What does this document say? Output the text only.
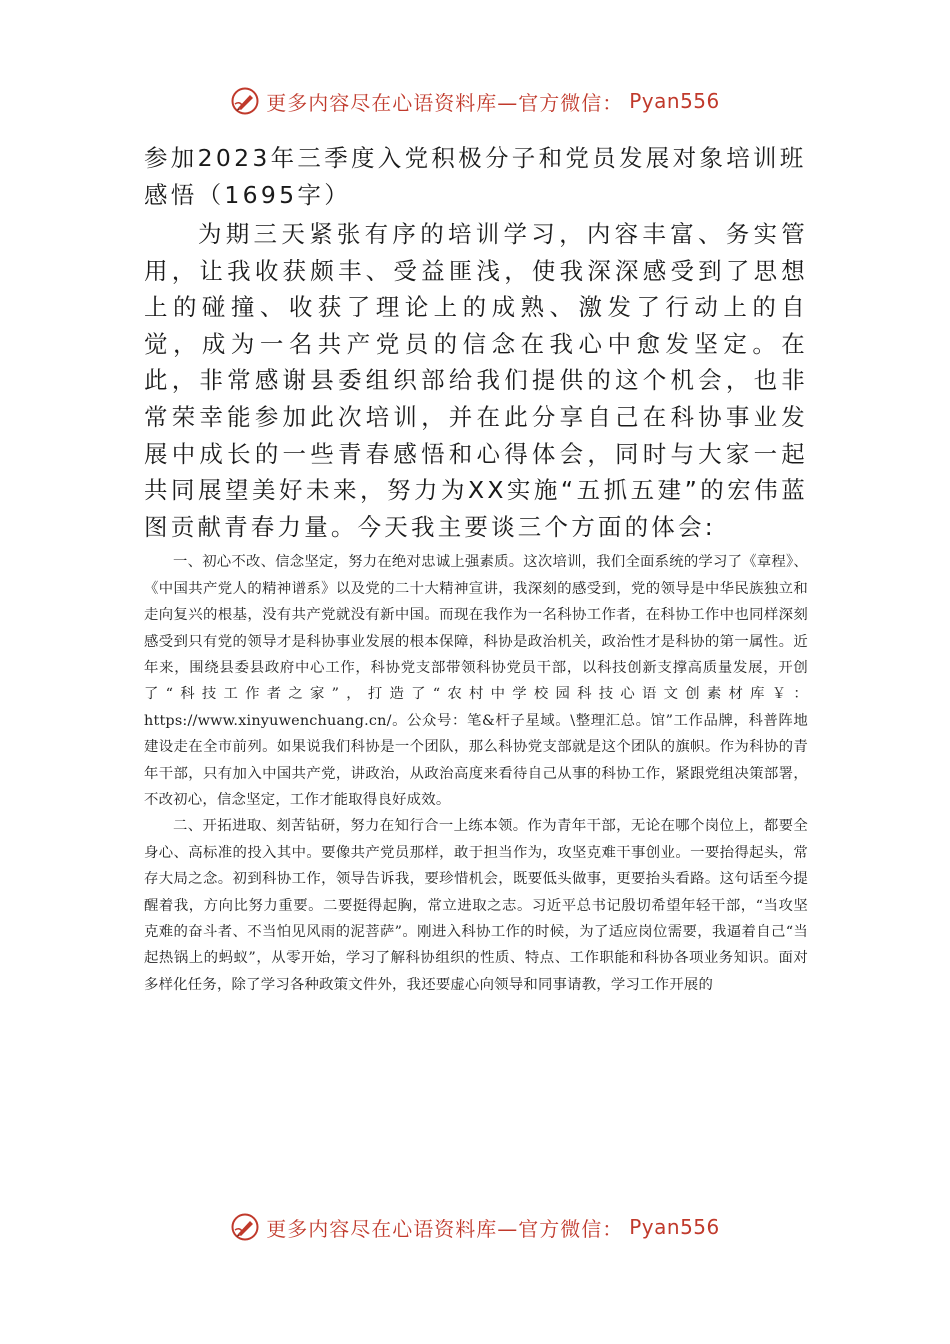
更多内容尽在心语资料库—官方微信： Pyan556
参加2023年三季度入党积极分子和党员发展对象培训班感悟（1695字）

为期三天紧张有序的培训学习，内容丰富、务实管用，让我收获颇丰、受益匪浅，使我深深感受到了思想上的碰撞、收获了理论上的成熟、激发了行动上的自觉，成为一名共产党员的信念在我心中愈发坚定。在此，非常感谢县委组织部给我们提供的这个机会，也非常荣幸能参加此次培训，并在此分享自己在科协事业发展中成长的一些青春感悟和心得体会，同时与大家一起共同展望美好未来，努力为XX实施“五抓五建”的宏伟蓝图贡献青春力量。今天我主要谈三个方面的体会:

一、初心不改、信念坚定，努力在绝对忠诚上强素质。这次培训，我们全面系统的学习了《章程》、《中国共产党人的精神谱系》以及党的二十大精神宣讲，我深刻的感受到，党的领导是中华民族独立和走向复兴的根基，没有共产党就没有新中国。而现在我作为一名科协工作者，在科协工作中也同样深刻感受到只有党的领导才是科协事业发展的根本保障，科协是政治机关，政治性才是科协的第一属性。近年来，围绕县委县政府中心工作，科协党支部带领科协党员干部，以科技创新支撑高质量发展，开创了“科技工作者之家”，打造了“农村中学校园科技心语文创素材库￥：https://www.xinyuwenchuang.cn/。公众号：笔&杆子星域。\整理汇总。馆”工作品牌，科普阵地建设走在全市前列。如果说我们科协是一个团队，那么科协党支部就是这个团队的旗帜。作为科协的青年干部，只有加入中国共产党，讲政治，从政治高度来看待自己从事的科协工作，紧跟党组决策部署，不改初心，信念坚定，工作才能取得良好成效。

二、开拓进取、刻苦钻研，努力在知行合一上练本领。作为青年干部，无论在哪个岗位上，都要全身心、高标准的投入其中。要像共产党员那样，敢于担当作为，攻坚克难干事创业。一要抬得起头，常存大局之念。初到科协工作，领导告诉我，要珍惜机会，既要低头做事，更要抬头看路。这句话至今提醒着我，方向比努力重要。二要挺得起胸，常立进取之志。习近平总书记殷切希望年轻干部，“当攻坚克难的奋斗者、不当怕见风雨的泥菩萨”。刚进入科协工作的时候，为了适应岗位需要，我逼着自己“当起热锅上的蚂蚁”，从零开始，学习了解科协组织的性质、特点、工作职能和科协各项业务知识。面对多样化任务，除了学习各种政策文件外，我还要虚心向领导和同事请教，学习工作开展的

更多内容尽在心语资料库—官方微信： Pyan556
